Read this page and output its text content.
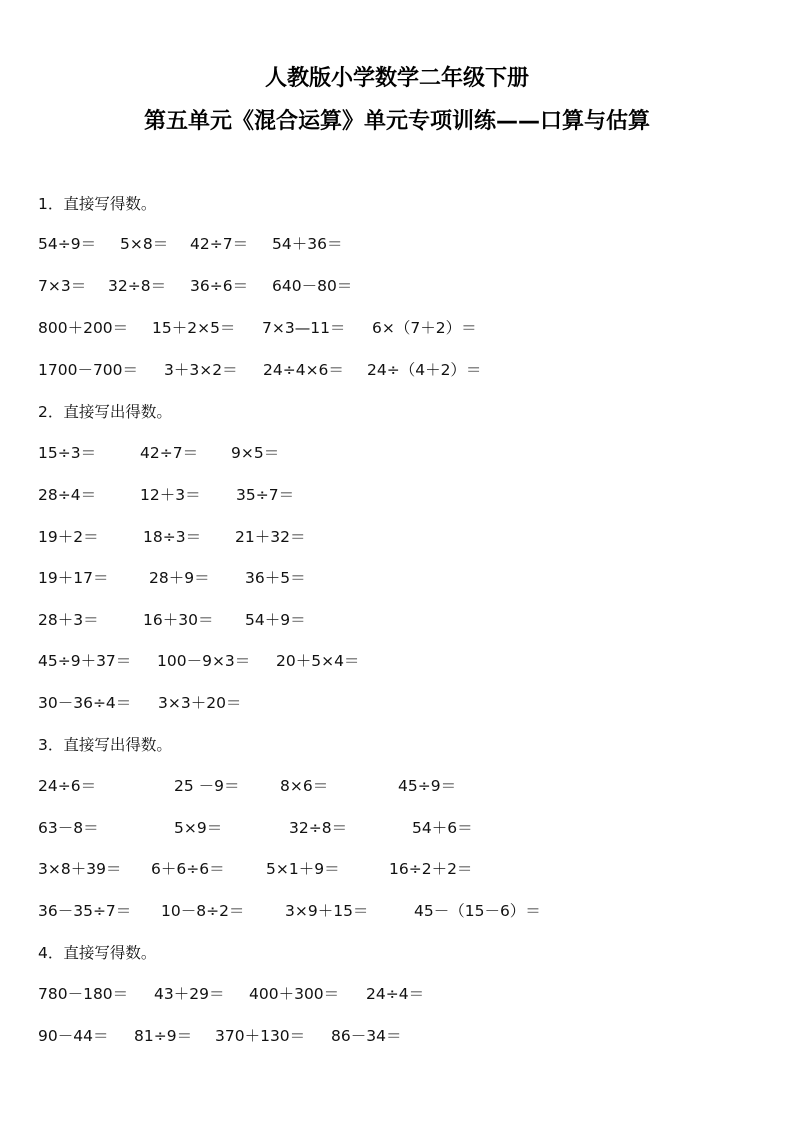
人教版小学数学二年级下册
第五单元《混合运算》单元专项训练——口算与估算
1．直接写得数。
54÷9＝ 5×8＝ 42÷7＝ 54＋36＝
7×3＝ 32÷8＝ 36÷6＝ 640－80＝
800＋200＝ 15＋2×5＝ 7×3—11＝ 6×（7＋2）＝
1700－700＝ 3＋3×2＝ 24÷4×6＝ 24÷（4＋2）＝
2．直接写出得数。
15÷3＝	42÷7＝ 9×5＝
28÷4＝	12＋3＝ 35÷7＝
19＋2＝	18÷3＝ 21＋32＝
19＋17＝	28＋9＝ 36＋5＝
28＋3＝	16＋30＝ 54＋9＝
45÷9＋37＝ 100－9×3＝ 20＋5×4＝
30－36÷4＝ 3×3＋20＝
3．直接写出得数。
24÷6＝	25 －9＝	8×6＝	45÷9＝
63－8＝	5×9＝	32÷8＝	54＋6＝
3×8＋39＝ 6＋6÷6＝	5×1＋9＝	16÷2＋2＝
36－35÷7＝ 10－8÷2＝	3×9＋15＝	45－（15－6）＝
4．直接写得数。
780－180＝ 43＋29＝ 400＋300＝ 24÷4＝
90－44＝ 81÷9＝ 370＋130＝ 86－34＝
